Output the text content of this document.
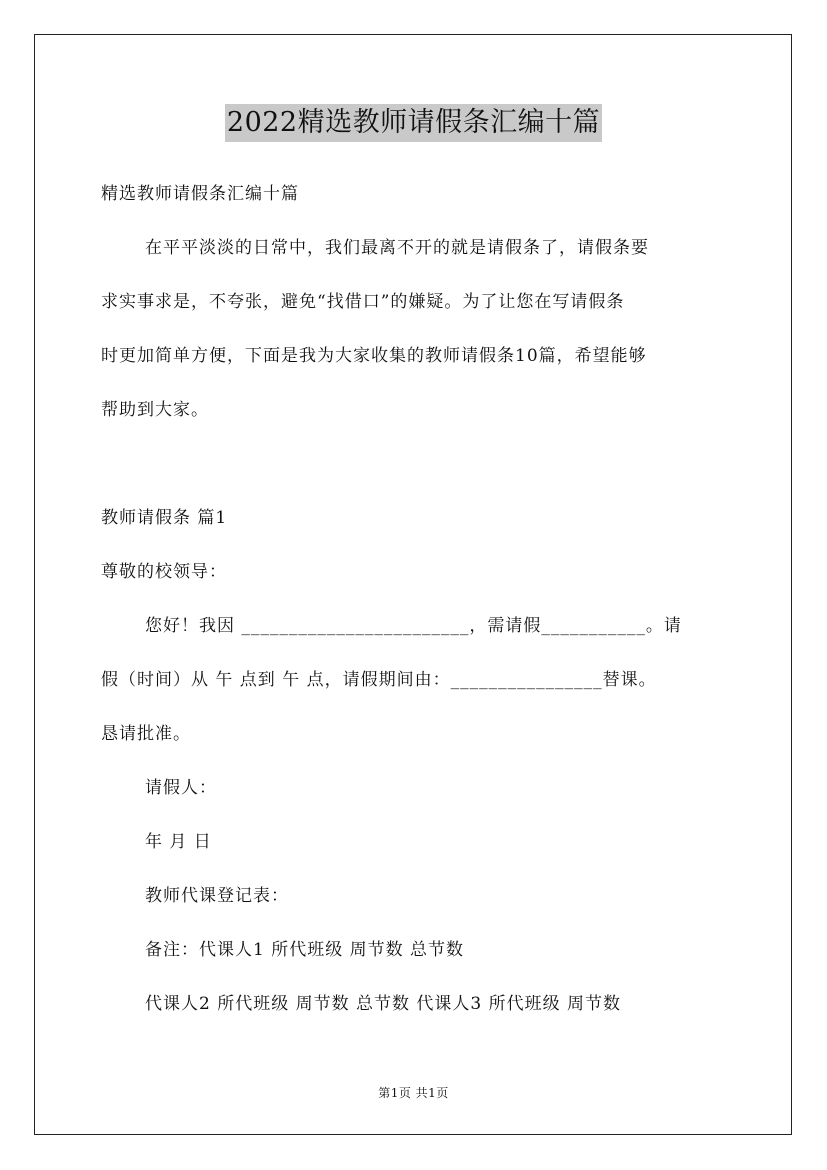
2022精选教师请假条汇编十篇
精选教师请假条汇编十篇
在平平淡淡的日常中，我们最离不开的就是请假条了，请假条要
求实事求是，不夸张，避免“找借口”的嫌疑。为了让您在写请假条
时更加简单方便，下面是我为大家收集的教师请假条10篇，希望能够
帮助到大家。
教师请假条 篇1
尊敬的校领导：
您好！我因 ________________________，需请假___________。请
假（时间）从 午 点到 午 点，请假期间由：________________替课。
恳请批准。
请假人：
年 月 日
教师代课登记表：
备注：代课人1 所代班级 周节数 总节数
代课人2 所代班级 周节数 总节数 代课人3 所代班级 周节数
第1页 共1页
